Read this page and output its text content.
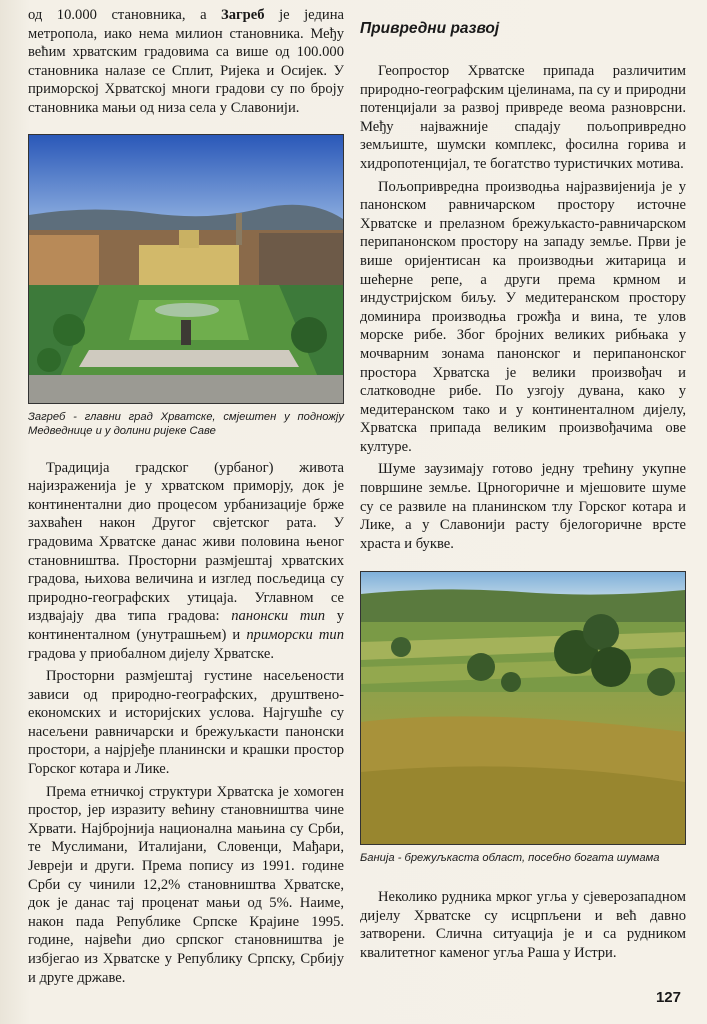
од 10.000 становника, а Загреб је једина метропола, иако нема милион становника. Међу већим хрватским градовима са више од 100.000 становника налазе се Сплит, Ријека и Осијек. У приморској Хрватској многи градови су по броју становника мањи од низа села у Славонији.

Загреб - главни град Хрватске, смјештен у подножју Медведнице и у долини ријеке Саве

Традиција градског (урбаног) живота најизраженија је у хрватском приморју, док је континентални дио процесом урбанизације брже захваћен након Другог свјетског рата. У градовима Хрватске данас живи половина њеног становништва. Просторни размјештај хрватских градова, њихова величина и изглед посљедица су природно-географских утицаја. Углавном се издвајају два типа градова: панонски тип у континенталном (унутрашњем) и приморски тип градова у приобалном дијелу Хрватске.

Просторни размјештај густине насељености зависи од природно-географских, друштвено-економских и историјских услова. Најгушће су насељени равничарски и брежуљкасти панонски простори, а најрјеђе планински и крашки простор Горског котара и Лике.

Према етничкој структури Хрватска је хомоген простор, јер изразиту већину становништва чине Хрвати. Најбројнија национална мањина су Срби, те Муслимани, Италијани, Словенци, Мађари, Јевреји и други. Према попису из 1991. године Срби су чинили 12,2% становништва Хрватске, док је данас тај проценат мањи од 5%. Наиме, након пада Републике Српске Крајине 1995. године, највећи дио српског становништва је избјегао из Хрватске у Републику Српску, Србију и друге државе.

Привредни развој

Геопростор Хрватске припада различитим природно-географским цјелинама, па су и природни потенцијали за развој привреде веома разноврсни. Међу најважније спадају пољопривредно земљиште, шумски комплекс, фосилна горива и хидропотенцијал, те богатство туристичких мотива.

Пољопривредна производња најразвијенија је у панонском равничарском простору источне Хрватске и прелазном брежуљкасто-равничарском перипанонском простору на западу земље. Први је више оријентисан ка производњи житарица и шећерне репе, а други према крмном и индустријском биљу. У медитеранском простору доминира производња грожђа и вина, те улов морске рибе. Због бројних великих рибњака у мочварним зонама панонског и перипанонског простора Хрватска је велики произвођач и слатководне рибе. По узгоју дувана, како у медитеранском тако и у континенталном дијелу, Хрватска припада великим произвођачима ове културе.

Шуме заузимају готово једну трећину укупне површине земље. Црногоричне и мјешовите шуме су се развиле на планинском тлу Горског котара и Лике, а у Славонији расту бјелогоричне врсте храста и букве.

Банија - брежуљкаста област, посебно богата шумама

Неколико рудника мрког угља у сјеверозападном дијелу Хрватске су исцрпљени и већ давно затворени. Слична ситуација је и са рудником квалитетног каменог угља Раша у Истри.

127
